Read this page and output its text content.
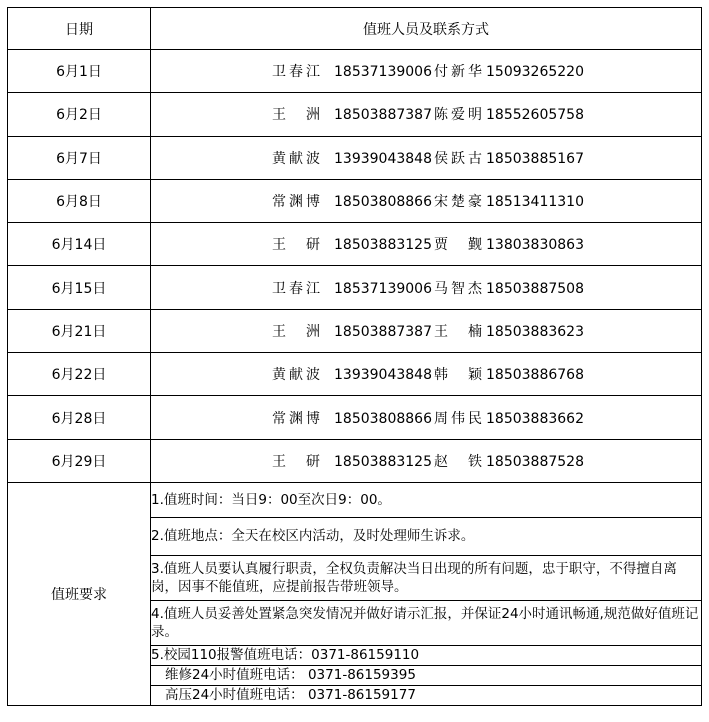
日期	值班人员及联系方式
6月1日	卫春江 18537139006 付新华 15093265220
6月2日	王 洲 18503887387 陈爱明 18552605758
6月7日	黄献波 13939043848 侯跃古 18503885167
6月8日	常渊博 18503808866 宋楚豪 18513411310
6月14日	王 研 18503883125 贾 觐 13803830863
6月15日	卫春江 18537139006 马智杰 18503887508
6月21日	王 洲 18503887387 王 楠 18503883623
6月22日	黄献波 13939043848 韩 颖 18503886768
6月28日	常渊博 18503808866 周伟民 18503883662
6月29日	王 研 18503883125 赵 铁 18503887528
值班要求	1.值班时间：当日9：00至次日9：00。
	2.值班地点：全天在校区内活动，及时处理师生诉求。
	3.值班人员要认真履行职责，全权负责解决当日出现的所有问题，忠于职守，不得擅自离岗，因事不能值班，应提前报告带班领导。
	4.值班人员妥善处置紧急突发情况并做好请示汇报，并保证24小时通讯畅通,规范做好值班记录。
	5.校园110报警值班电话：0371-86159110
	维修24小时值班电话： 0371-86159395
	高压24小时值班电话： 0371-86159177
